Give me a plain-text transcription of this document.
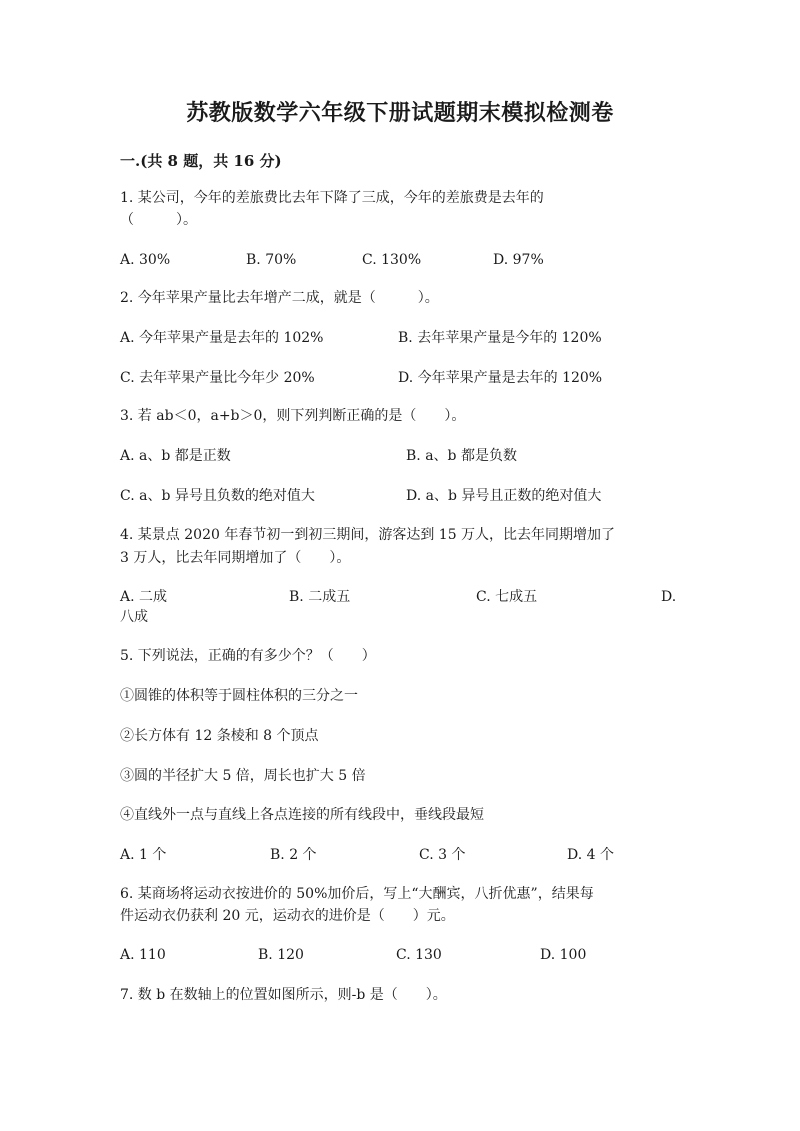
苏教版数学六年级下册试题期末模拟检测卷
一.(共 8 题，共 16 分)
1. 某公司，今年的差旅费比去年下降了三成，今年的差旅费是去年的
（　　　）。
A. 30%	B. 70%	C. 130%	D. 97%
2. 今年苹果产量比去年增产二成，就是（　　　）。
A. 今年苹果产量是去年的 102%	B. 去年苹果产量是今年的 120%
C. 去年苹果产量比今年少 20%	D. 今年苹果产量是去年的 120%
3. 若 ab＜0，a+b＞0，则下列判断正确的是（　　）。
A. a、b 都是正数	B. a、b 都是负数
C. a、b 异号且负数的绝对值大	D. a、b 异号且正数的绝对值大
4. 某景点 2020 年春节初一到初三期间，游客达到 15 万人，比去年同期增加了
3 万人，比去年同期增加了（　　）。
A. 二成	B. 二成五	C. 七成五	D.
八成
5. 下列说法，正确的有多少个？（　　）
①圆锥的体积等于圆柱体积的三分之一
②长方体有 12 条棱和 8 个顶点
③圆的半径扩大 5 倍，周长也扩大 5 倍
④直线外一点与直线上各点连接的所有线段中，垂线段最短
A. 1 个	B. 2 个	C. 3 个	D. 4 个
6. 某商场将运动衣按进价的 50%加价后，写上“大酬宾，八折优惠”，结果每
件运动衣仍获利 20 元，运动衣的进价是（　　）元。
A. 110	B. 120	C. 130	D. 100
7. 数 b 在数轴上的位置如图所示，则-b 是（　　）。
